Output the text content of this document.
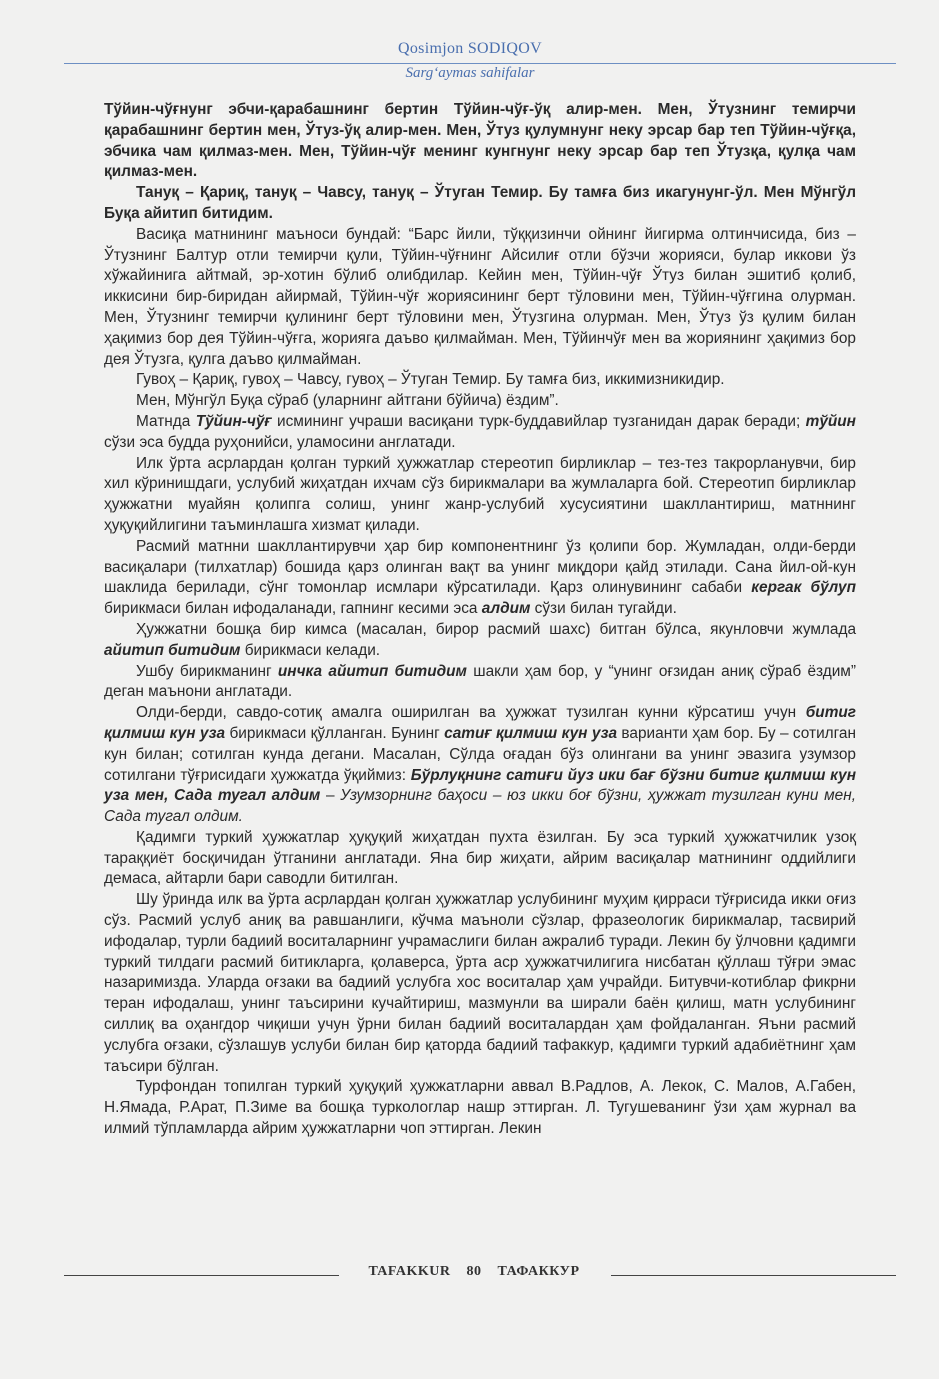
Qosimjon SODIQOV
Sarg‘aymas sahifalar

Тўйин-чўғнунг эбчи-қарабашнинг бертин Тўйин-чўғ-ўқ алир-мен. Мен, Ўтузнинг темирчи қарабашнинг бертин мен, Ўтуз-ўқ алир-мен. Мен, Ўтуз қулумнунг неку эрсар бар теп Тўйин-чўғқа, эбчика чам қилмаз-мен. Мен, Тўйин-чўғ менинг кунгнунг неку эрсар бар теп Ўтузқа, қулқа чам қилмаз-мен.

Тануқ – Қариқ, тануқ – Чавсу, тануқ – Ўтуган Темир. Бу тамға биз икагунунг-ўл. Мен Мўнгўл Буқа айитип битидим.

Васиқа матнининг маъноси бундай: “Барс йили, тўққизинчи ойнинг йигирма олтинчисида, биз – Ўтузнинг Балтур отли темирчи қули, Тўйин-чўғнинг Айсилиғ отли бўзчи жорияси, булар иккови ўз хўжайинига айтмай, эр-хотин бўлиб олибдилар. Кейин мен, Тўйин-чўғ Ўтуз билан эшитиб қолиб, иккисини бир-биридан айирмай, Тўйин-чўғ жориясининг берт тўловини мен, Тўйин-чўғгина олурман. Мен, Ўтузнинг темирчи қулининг берт тўловини мен, Ўтузгина олурман. Мен, Ўтуз ўз қулим билан ҳақимиз бор дея Тўйин-чўғга, жорияга даъво қилмайман. Мен, Тўйинчўғ мен ва жориянинг ҳақимиз бор дея Ўтузга, қулга даъво қилмайман.

Гувоҳ – Қариқ, гувоҳ – Чавсу, гувоҳ – Ўтуган Темир. Бу тамға биз, иккимизникидир.

Мен, Мўнгўл Буқа сўраб (уларнинг айтгани бўйича) ёздим”.

Матнда Тўйин-чўғ исмининг учраши васиқани турк-буддавийлар тузганидан дарак беради; тўйин сўзи эса будда руҳонийси, уламосини англатади.

Илк ўрта асрлардан қолган туркий ҳужжатлар стереотип бирликлар – тез-тез такрорланувчи, бир хил кўринишдаги, услубий жиҳатдан ихчам сўз бирикмалари ва жумлаларга бой. Стереотип бирликлар ҳужжатни муайян қолипга солиш, унинг жанр-услубий хусусиятини шакллантириш, матннинг ҳуқуқийлигини таъминлашга хизмат қилади.

Расмий матнни шакллантирувчи ҳар бир компонентнинг ўз қолипи бор. Жумладан, олди-берди васиқалари (тилхатлар) бошида қарз олинган вақт ва унинг миқдори қайд этилади. Сана йил-ой-кун шаклида берилади, сўнг томонлар исмлари кўрсатилади. Қарз олинувининг сабаби кергак бўлуп бирикмаси билан ифодаланади, гапнинг кесими эса алдим сўзи билан тугайди.

Ҳужжатни бошқа бир кимса (масалан, бирор расмий шахс) битган бўлса, якунловчи жумлада айитип битидим бирикмаси келади.

Ушбу бирикманинг инчка айитип битидим шакли ҳам бор, у “унинг оғзидан аниқ сўраб ёздим” деган маънони англатади.

Олди-берди, савдо-сотиқ амалга оширилган ва ҳужжат тузилган кунни кўрсатиш учун битиг қилмиш кун уза бирикмаси қўлланган. Бунинг сатиғ қилмиш кун уза варианти ҳам бор. Бу – сотилган кун билан; сотилган кунда дегани. Масалан, Сўлда оғадан бўз олингани ва унинг эвазига узумзор сотилгани тўғрисидаги ҳужжатда ўқиймиз: Бўрлуқнинг сатиғи йуз ики бағ бўзни битиг қилмиш кун уза мен, Сада тугал алдим – Узумзорнинг баҳоси – юз икки боғ бўзни, ҳужжат тузилган куни мен, Сада тугал олдим.

Қадимги туркий ҳужжатлар ҳуқуқий жиҳатдан пухта ёзилган. Бу эса туркий ҳужжатчилик узоқ тараққиёт босқичидан ўтганини англатади. Яна бир жиҳати, айрим васиқалар матнининг оддийлиги демаса, айтарли бари саводли битилган.

Шу ўринда илк ва ўрта асрлардан қолган ҳужжатлар услубининг муҳим қирраси тўғрисида икки оғиз сўз. Расмий услуб аниқ ва равшанлиги, кўчма маъноли сўзлар, фразеологик бирикмалар, тасвирий ифодалар, турли бадиий воситаларнинг учрамаслиги билан ажралиб туради. Лекин бу ўлчовни қадимги туркий тилдаги расмий битикларга, қолаверса, ўрта аср ҳужжатчилигига нисбатан қўллаш тўғри эмас назаримизда. Уларда оғзаки ва бадиий услубга хос воситалар ҳам учрайди. Битувчи-котиблар фикрни теран ифодалаш, унинг таъсирини кучайтириш, мазмунли ва ширали баён қилиш, матн услубининг силлиқ ва оҳангдор чиқиши учун ўрни билан бадиий воситалардан ҳам фойдаланган. Яъни расмий услубга оғзаки, сўзлашув услуби билан бир қаторда бадиий тафаккур, қадимги туркий адабиётнинг ҳам таъсири бўлган.

Турфондан топилган туркий ҳуқуқий ҳужжатларни аввал В.Радлов, А. Лекок, С. Малов, А.Габен, Н.Ямада, Р.Арат, П.Зиме ва бошқа туркологлар нашр эттирган. Л. Тугушеванинг ўзи ҳам журнал ва илмий тўпламларда айрим ҳужжатларни чоп эттирган. Лекин

TAFAKKUR 80 ТАФАККУР
